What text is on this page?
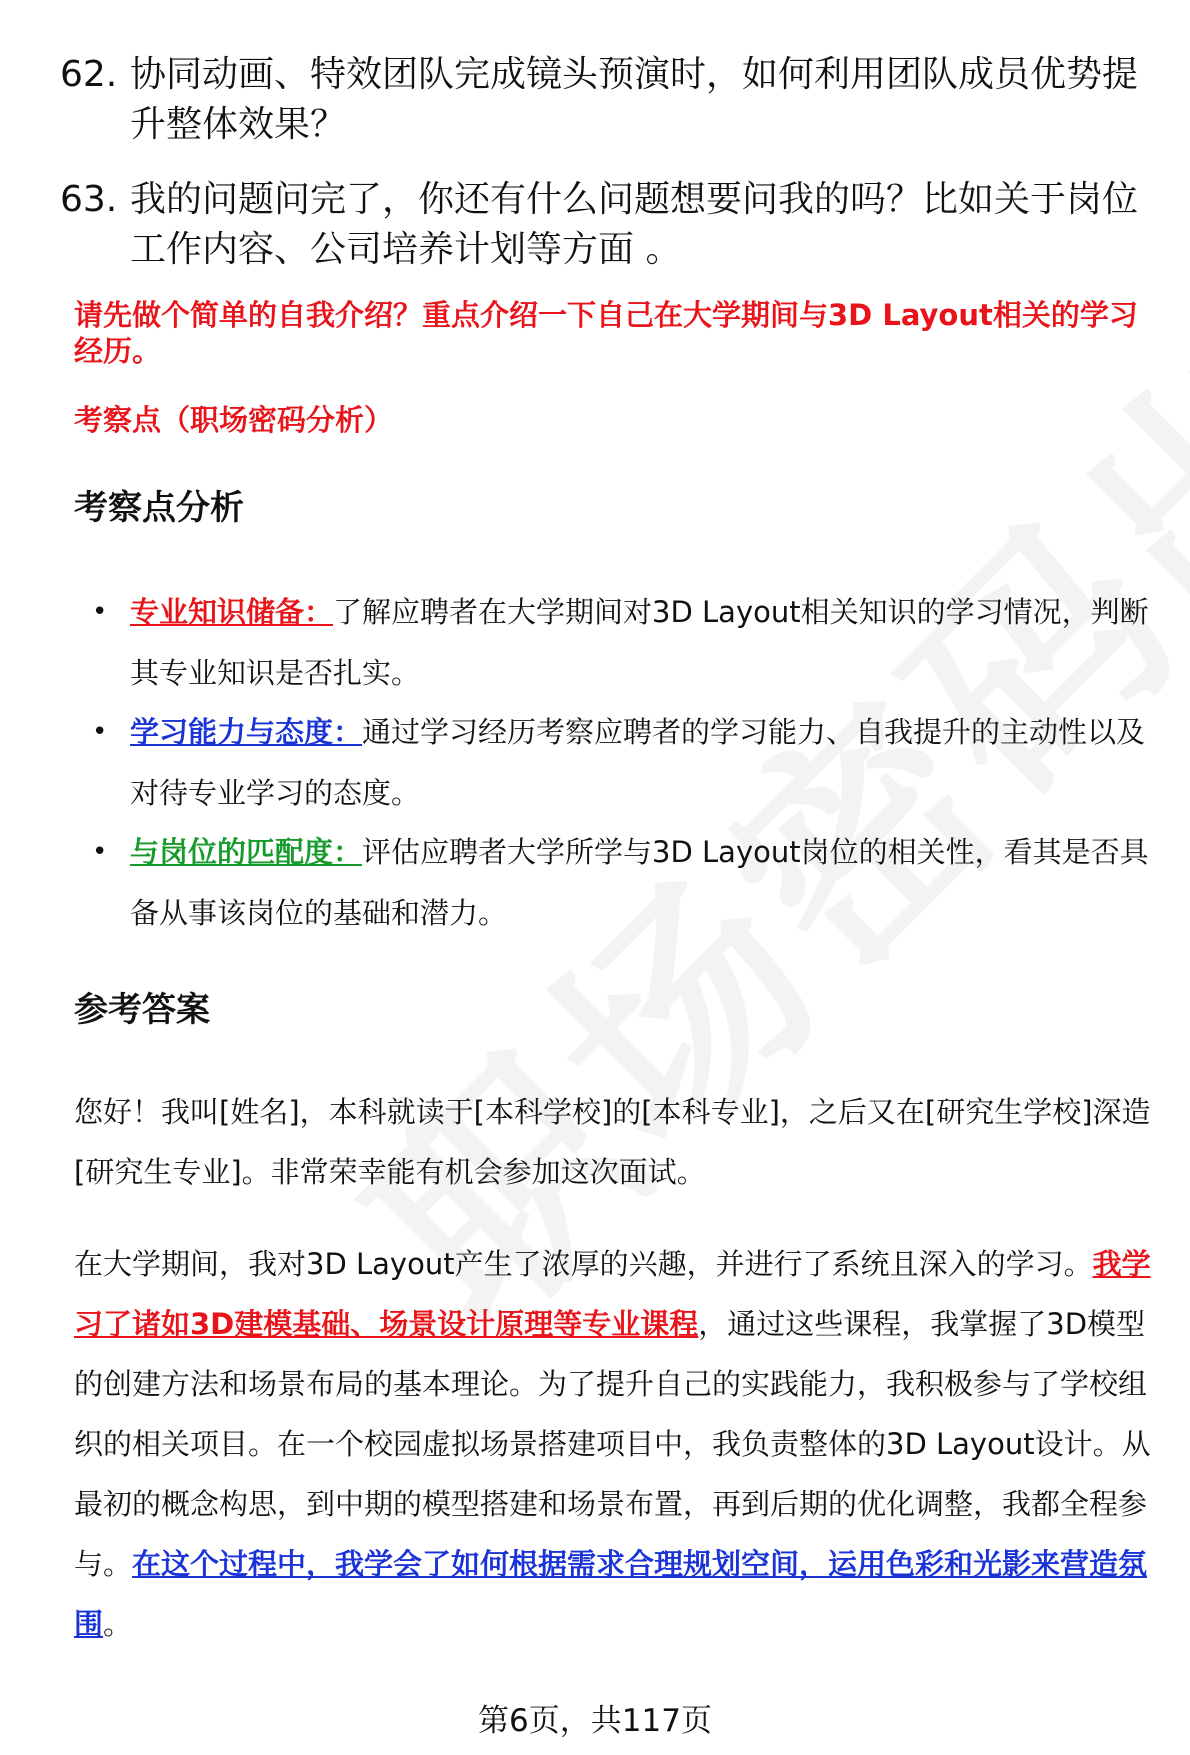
62. 协同动画、特效团队完成镜头预演时，如何利用团队成员优势提升整体效果？
63. 我的问题问完了，你还有什么问题想要问我的吗？比如关于岗位工作内容、公司培养计划等方面 。
请先做个简单的自我介绍？重点介绍一下自己在大学期间与3D Layout相关的学习经历。
考察点（职场密码分析）
考察点分析
• 专业知识储备：了解应聘者在大学期间对3D Layout相关知识的学习情况，判断其专业知识是否扎实。
• 学习能力与态度：通过学习经历考察应聘者的学习能力、自我提升的主动性以及对待专业学习的态度。
• 与岗位的匹配度：评估应聘者大学所学与3D Layout岗位的相关性，看其是否具备从事该岗位的基础和潜力。
参考答案
您好！我叫[姓名]，本科就读于[本科学校]的[本科专业]，之后又在[研究生学校]深造[研究生专业]。非常荣幸能有机会参加这次面试。
在大学期间，我对3D Layout产生了浓厚的兴趣，并进行了系统且深入的学习。我学习了诸如3D建模基础、场景设计原理等专业课程，通过这些课程，我掌握了3D模型的创建方法和场景布局的基本理论。为了提升自己的实践能力，我积极参与了学校组织的相关项目。在一个校园虚拟场景搭建项目中，我负责整体的3D Layout设计。从最初的概念构思，到中期的模型搭建和场景布置，再到后期的优化调整，我都全程参与。在这个过程中，我学会了如何根据需求合理规划空间，运用色彩和光影来营造氛围。
第6页，共117页
